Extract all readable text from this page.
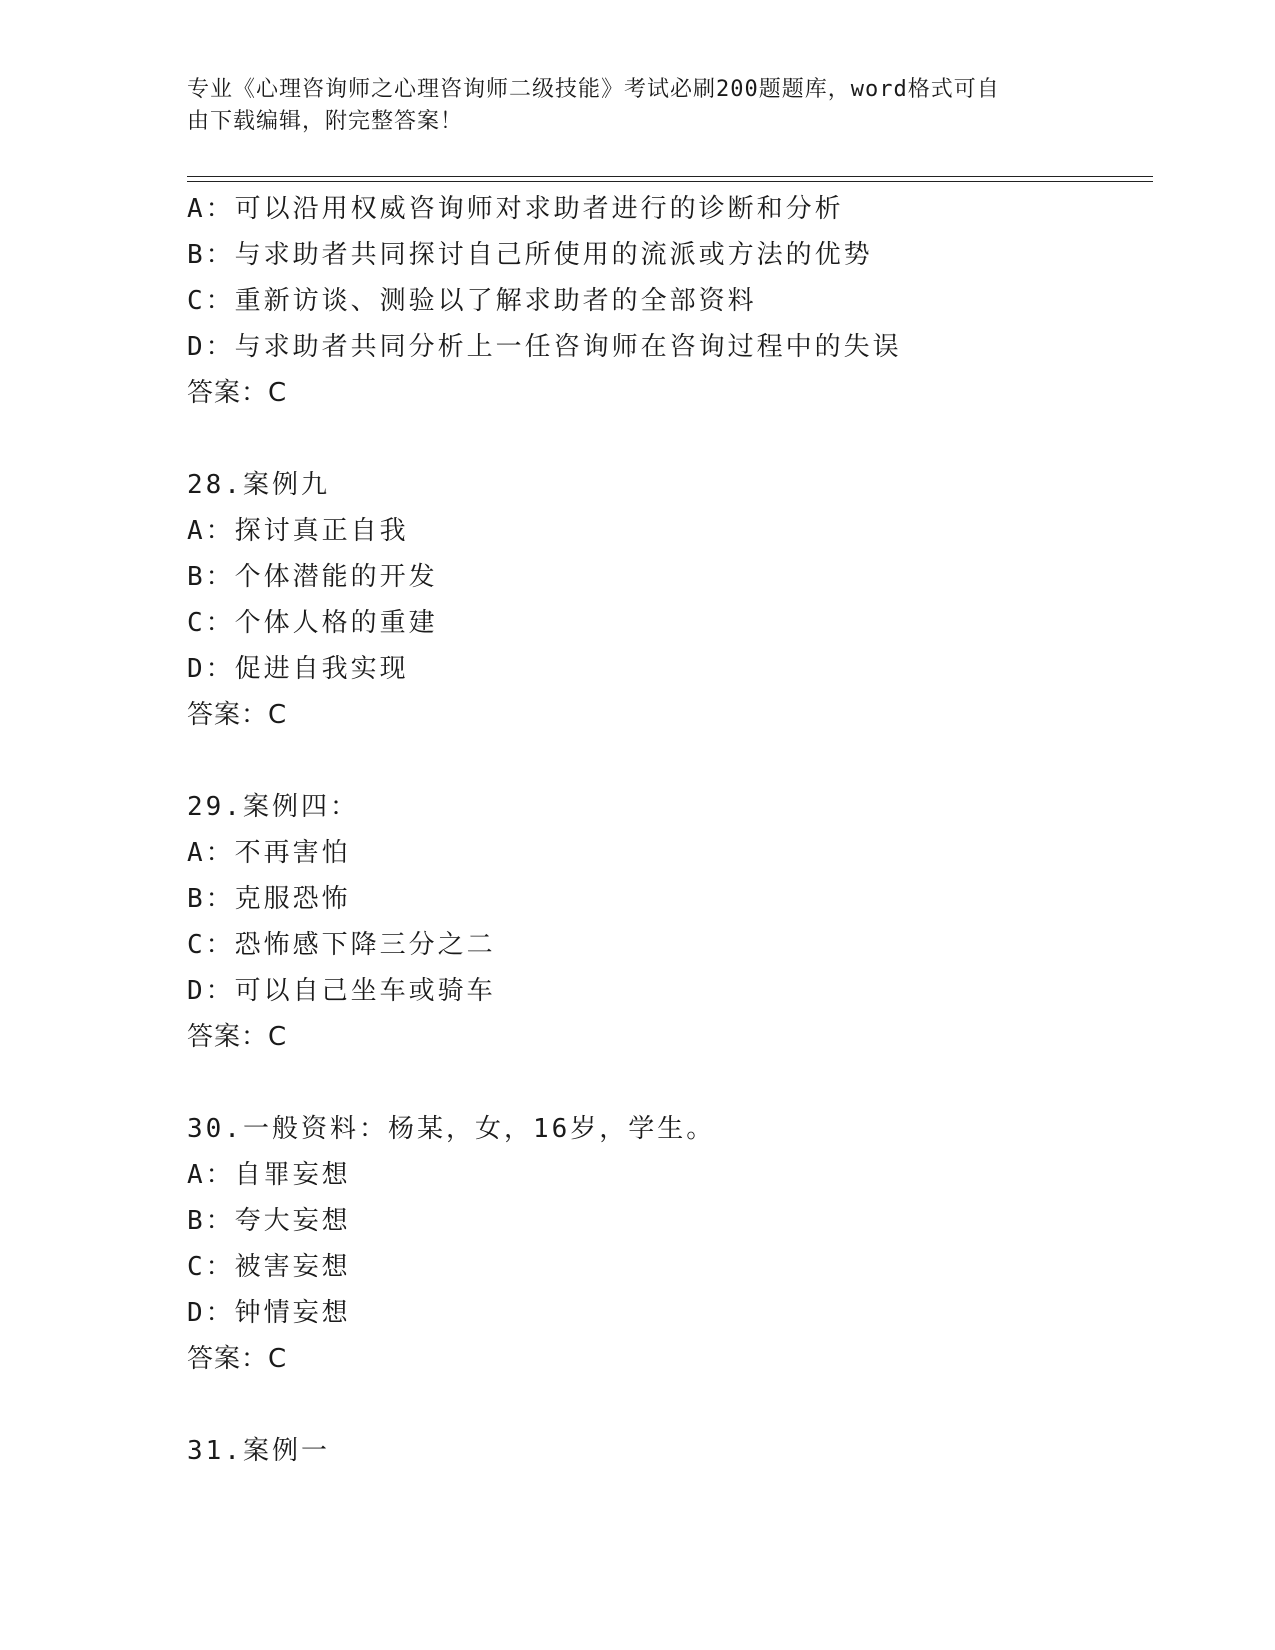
专业《心理咨询师之心理咨询师二级技能》考试必刷200题题库，word格式可自

由下载编辑，附完整答案！

A：可以沿用权威咨询师对求助者进行的诊断和分析
B：与求助者共同探讨自己所使用的流派或方法的优势
C：重新访谈、测验以了解求助者的全部资料
D：与求助者共同分析上一任咨询师在咨询过程中的失误
答案：C
28.案例九
A：探讨真正自我
B：个体潜能的开发
C：个体人格的重建
D：促进自我实现
答案：C
29.案例四：
A：不再害怕
B：克服恐怖
C：恐怖感下降三分之二
D：可以自己坐车或骑车
答案：C
30.一般资料：杨某，女，16岁，学生。
A：自罪妄想
B：夸大妄想
C：被害妄想
D：钟情妄想
答案：C
31.案例一
